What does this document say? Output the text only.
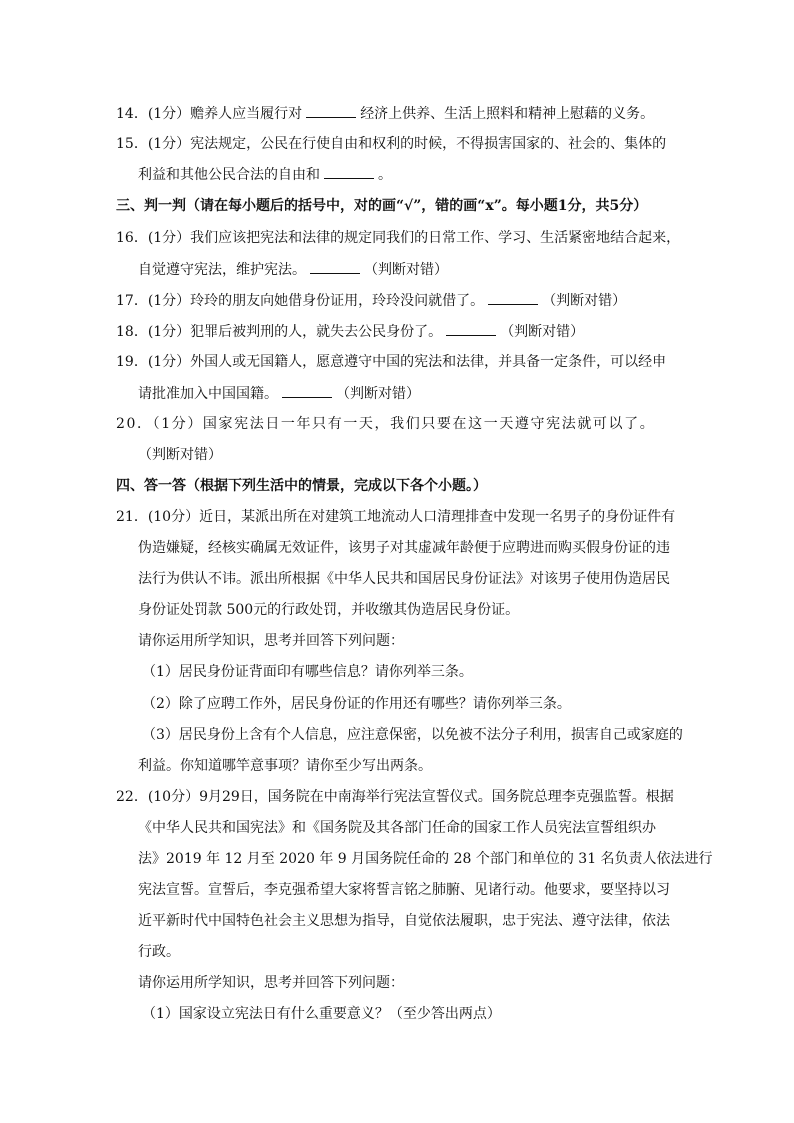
14．(1分）赡养人应当履行对	经济上供养、生活上照料和精神上慰藉的义务。
15．(1分）宪法规定，公民在行使自由和权利的时候，不得损害国家的、社会的、集体的
利益和其他公民合法的自由和	。
三、判一判（请在每小题后的括号中，对的画“√”，错的画“x”。每小题1分，共5分）
16．(1分）我们应该把宪法和法律的规定同我们的日常工作、学习、生活紧密地结合起来，
自觉遵守宪法，维护宪法。	（判断对错）
17．(1分）玲玲的朋友向她借身份证用，玲玲没问就借了。	（判断对错）
18．(1分）犯罪后被判刑的人，就失去公民身份了。	（判断对错）
19．(1分）外国人或无国籍人，愿意遵守中国的宪法和法律，并具备一定条件，可以经申
请批准加入中国国籍。	（判断对错）
20．（1分）国家宪法日一年只有一天，我们只要在这一天遵守宪法就可以了。
（判断对错）
四、答一答（根据下列生活中的情景，完成以下各个小题。）
21．(10分）近日，某派出所在对建筑工地流动人口清理排查中发现一名男子的身份证件有
伪造嫌疑，经核实确属无效证件，该男子对其虚减年龄便于应聘进而购买假身份证的违
法行为供认不讳。派出所根据《中华人民共和国居民身份证法》对该男子使用伪造居民
身份证处罚款 500元的行政处罚，并收缴其伪造居民身份证。
请你运用所学知识，思考并回答下列问题：
（1）居民身份证背面印有哪些信息？请你列举三条。
（2）除了应聘工作外，居民身份证的作用还有哪些？请你列举三条。
（3）居民身份上含有个人信息，应注意保密，以免被不法分子利用，损害自己或家庭的
利益。你知道哪竿意事项？请你至少写出两条。
22．(10分）9月29日，国务院在中南海举行宪法宣誓仪式。国务院总理李克强监誓。根据
《中华人民共和国宪法》和《国务院及其各部门任命的国家工作人员宪法宣誓组织办
法》2019 年 12 月至 2020 年 9 月国务院任命的 28 个部门和单位的 31 名负责人依法进行
宪法宣誓。宣誓后，李克强希望大家将誓言铭之肺腑、见诸行动。他要求，要坚持以习
近平新时代中国特色社会主义思想为指导，自觉依法履职，忠于宪法、遵守法律，依法
行政。
请你运用所学知识，思考并回答下列问题：
（1）国家设立宪法日有什么重要意义？（至少答出两点）
